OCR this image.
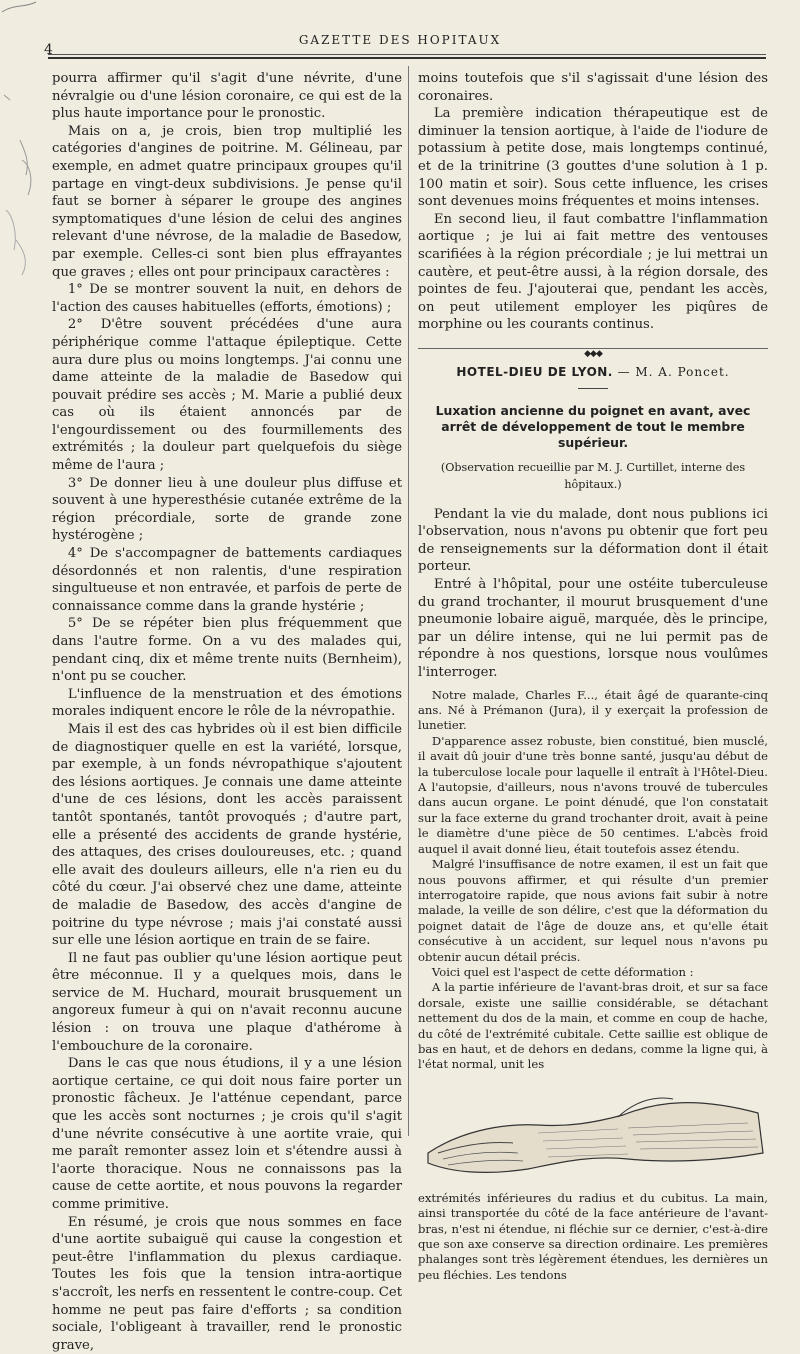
4
GAZETTE DES HOPITAUX

pourra affirmer qu'il s'agit d'une névrite, d'une névralgie ou d'une lésion coronaire, ce qui est de la plus haute importance pour le pronostic.

Mais on a, je crois, bien trop multiplié les catégories d'angines de poitrine. M. Gélineau, par exemple, en admet quatre principaux groupes qu'il partage en vingt-deux subdivisions. Je pense qu'il faut se borner à séparer le groupe des angines symptomatiques d'une lésion de celui des angines relevant d'une névrose, de la maladie de Basedow, par exemple. Celles-ci sont bien plus effrayantes que graves ; elles ont pour principaux caractères :

1° De se montrer souvent la nuit, en dehors de l'action des causes habituelles (efforts, émotions) ;

2° D'être souvent précédées d'une aura périphérique comme l'attaque épileptique. Cette aura dure plus ou moins longtemps. J'ai connu une dame atteinte de la maladie de Basedow qui pouvait prédire ses accès ; M. Marie a publié deux cas où ils étaient annoncés par de l'engourdissement ou des fourmillements des extrémités ; la douleur part quelquefois du siège même de l'aura ;

3° De donner lieu à une douleur plus diffuse et souvent à une hyperesthésie cutanée extrême de la région précordiale, sorte de grande zone hystérogène ;

4° De s'accompagner de battements cardiaques désordonnés et non ralentis, d'une respiration singultueuse et non entravée, et parfois de perte de connaissance comme dans la grande hystérie ;

5° De se répéter bien plus fréquemment que dans l'autre forme. On a vu des malades qui, pendant cinq, dix et même trente nuits (Bernheim), n'ont pu se coucher.

L'influence de la menstruation et des émotions morales indiquent encore le rôle de la névropathie.

Mais il est des cas hybrides où il est bien difficile de diagnostiquer quelle en est la variété, lorsque, par exemple, à un fonds névropathique s'ajoutent des lésions aortiques. Je connais une dame atteinte d'une de ces lésions, dont les accès paraissent tantôt spontanés, tantôt provoqués ; d'autre part, elle a présenté des accidents de grande hystérie, des attaques, des crises douloureuses, etc. ; quand elle avait des douleurs ailleurs, elle n'a rien eu du côté du cœur. J'ai observé chez une dame, atteinte de maladie de Basedow, des accès d'angine de poitrine du type névrose ; mais j'ai constaté aussi sur elle une lésion aortique en train de se faire.

Il ne faut pas oublier qu'une lésion aortique peut être méconnue. Il y a quelques mois, dans le service de M. Huchard, mourait brusquement un angoreux fumeur à qui on n'avait reconnu aucune lésion : on trouva une plaque d'athérome à l'embouchure de la coronaire.

Dans le cas que nous étudions, il y a une lésion aortique certaine, ce qui doit nous faire porter un pronostic fâcheux. Je l'atténue cependant, parce que les accès sont nocturnes ; je crois qu'il s'agit d'une névrite consécutive à une aortite vraie, qui me paraît remonter assez loin et s'étendre aussi à l'aorte thoracique. Nous ne connaissons pas la cause de cette aortite, et nous pouvons la regarder comme primitive.

En résumé, je crois que nous sommes en face d'une aortite subaiguë qui cause la congestion et peut-être l'inflammation du plexus cardiaque. Toutes les fois que la tension intra-aortique s'accroît, les nerfs en ressentent le contre-coup. Cet homme ne peut pas faire d'efforts ; sa condition sociale, l'obligeant à travailler, rend le pronostic grave,

moins toutefois que s'il s'agissait d'une lésion des coronaires.

La première indication thérapeutique est de diminuer la tension aortique, à l'aide de l'iodure de potassium à petite dose, mais longtemps continué, et de la trinitrine (3 gouttes d'une solution à 1 p. 100 matin et soir). Sous cette influence, les crises sont devenues moins fréquentes et moins intenses.

En second lieu, il faut combattre l'inflammation aortique ; je lui ai fait mettre des ventouses scarifiées à la région précordiale ; je lui mettrai un cautère, et peut-être aussi, à la région dorsale, des pointes de feu. J'ajouterai que, pendant les accès, on peut utilement employer les piqûres de morphine ou les courants continus.

◆◆◆
HOTEL-DIEU DE LYON. — M. A. Poncet.
Luxation ancienne du poignet en avant, avec arrêt de développement de tout le membre supérieur.
(Observation recueillie par M. J. Curtillet, interne des hôpitaux.)

Pendant la vie du malade, dont nous publions ici l'observation, nous n'avons pu obtenir que fort peu de renseignements sur la déformation dont il était porteur.

Entré à l'hôpital, pour une ostéite tuberculeuse du grand trochanter, il mourut brusquement d'une pneumonie lobaire aiguë, marquée, dès le principe, par un délire intense, qui ne lui permit pas de répondre à nos questions, lorsque nous voulûmes l'interroger.

Notre malade, Charles F..., était âgé de quarante-cinq ans. Né à Prémanon (Jura), il y exerçait la profession de lunetier.

D'apparence assez robuste, bien constitué, bien musclé, il avait dû jouir d'une très bonne santé, jusqu'au début de la tuberculose locale pour laquelle il entraît à l'Hôtel-Dieu. A l'autopsie, d'ailleurs, nous n'avons trouvé de tubercules dans aucun organe. Le point dénudé, que l'on constatait sur la face externe du grand trochanter droit, avait à peine le diamètre d'une pièce de 50 centimes. L'abcès froid auquel il avait donné lieu, était toutefois assez étendu.

Malgré l'insuffisance de notre examen, il est un fait que nous pouvons affirmer, et qui résulte d'un premier interrogatoire rapide, que nous avions fait subir à notre malade, la veille de son délire, c'est que la déformation du poignet datait de l'âge de douze ans, et qu'elle était consécutive à un accident, sur lequel nous n'avons pu obtenir aucun détail précis.

Voici quel est l'aspect de cette déformation :

A la partie inférieure de l'avant-bras droit, et sur sa face dorsale, existe une saillie considérable, se détachant nettement du dos de la main, et comme en coup de hache, du côté de l'extrémité cubitale. Cette saillie est oblique de bas en haut, et de dehors en dedans, comme la ligne qui, à l'état normal, unit les

extrémités inférieures du radius et du cubitus. La main, ainsi transportée du côté de la face antérieure de l'avant-bras, n'est ni étendue, ni fléchie sur ce dernier, c'est-à-dire que son axe conserve sa direction ordinaire. Les premières phalanges sont très légèrement étendues, les dernières un peu fléchies. Les tendons
